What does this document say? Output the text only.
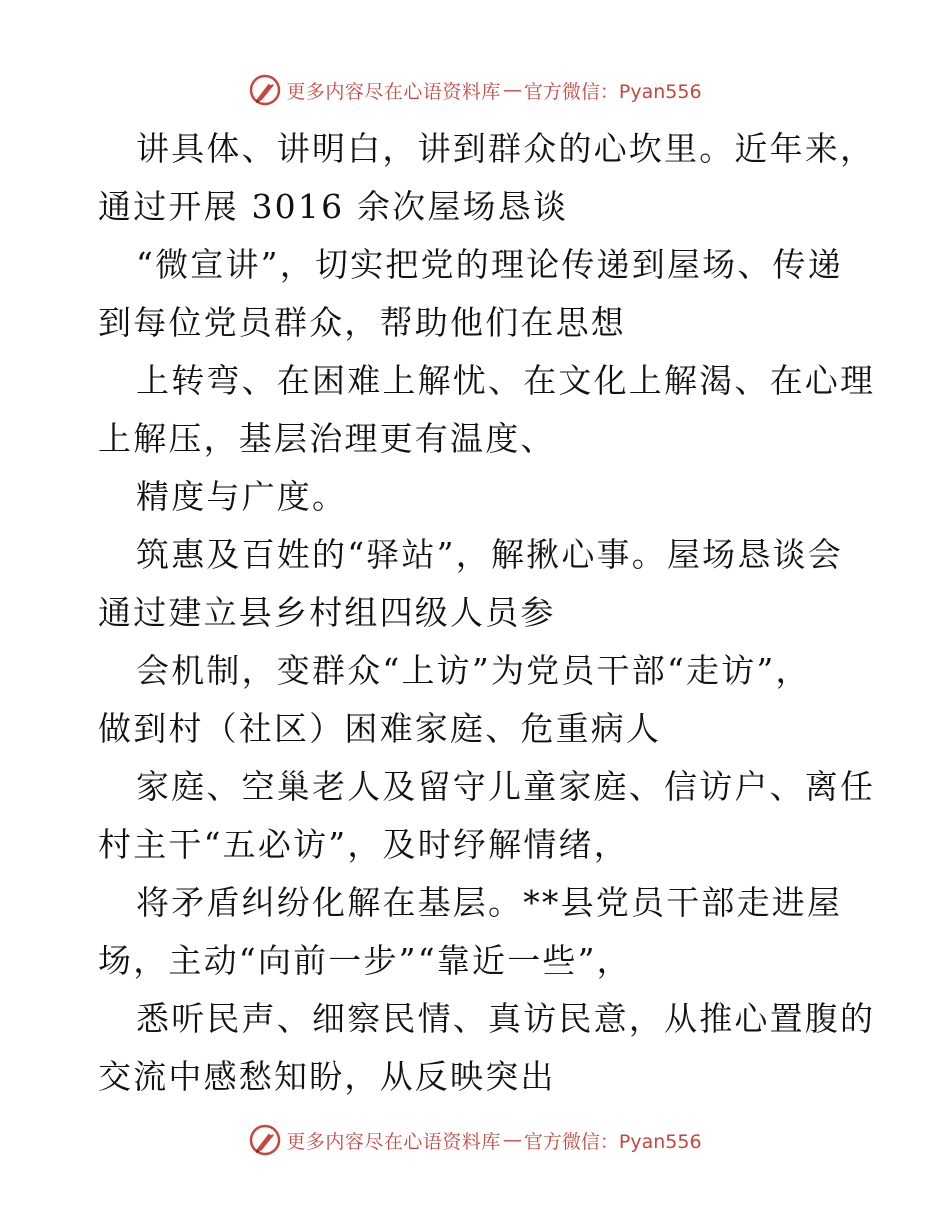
更多内容尽在心语资料库 — 官方微信：Pyan556
讲具体、讲明白，讲到群众的心坎里。近年来，
通过开展 3016 余次屋场恳谈
“微宣讲”，切实把党的理论传递到屋场、传递
到每位党员群众，帮助他们在思想
上转弯、在困难上解忧、在文化上解渴、在心理
上解压，基层治理更有温度、
精度与广度。
筑惠及百姓的“驿站”，解揪心事。屋场恳谈会
通过建立县乡村组四级人员参
会机制，变群众“上访”为党员干部“走访”，
做到村（社区）困难家庭、危重病人
家庭、空巢老人及留守儿童家庭、信访户、离任
村主干“五必访”，及时纾解情绪，
将矛盾纠纷化解在基层。**县党员干部走进屋
场，主动“向前一步”“靠近一些”，
悉听民声、细察民情、真访民意，从推心置腹的
交流中感愁知盼，从反映突出
更多内容尽在心语资料库 — 官方微信：Pyan556
